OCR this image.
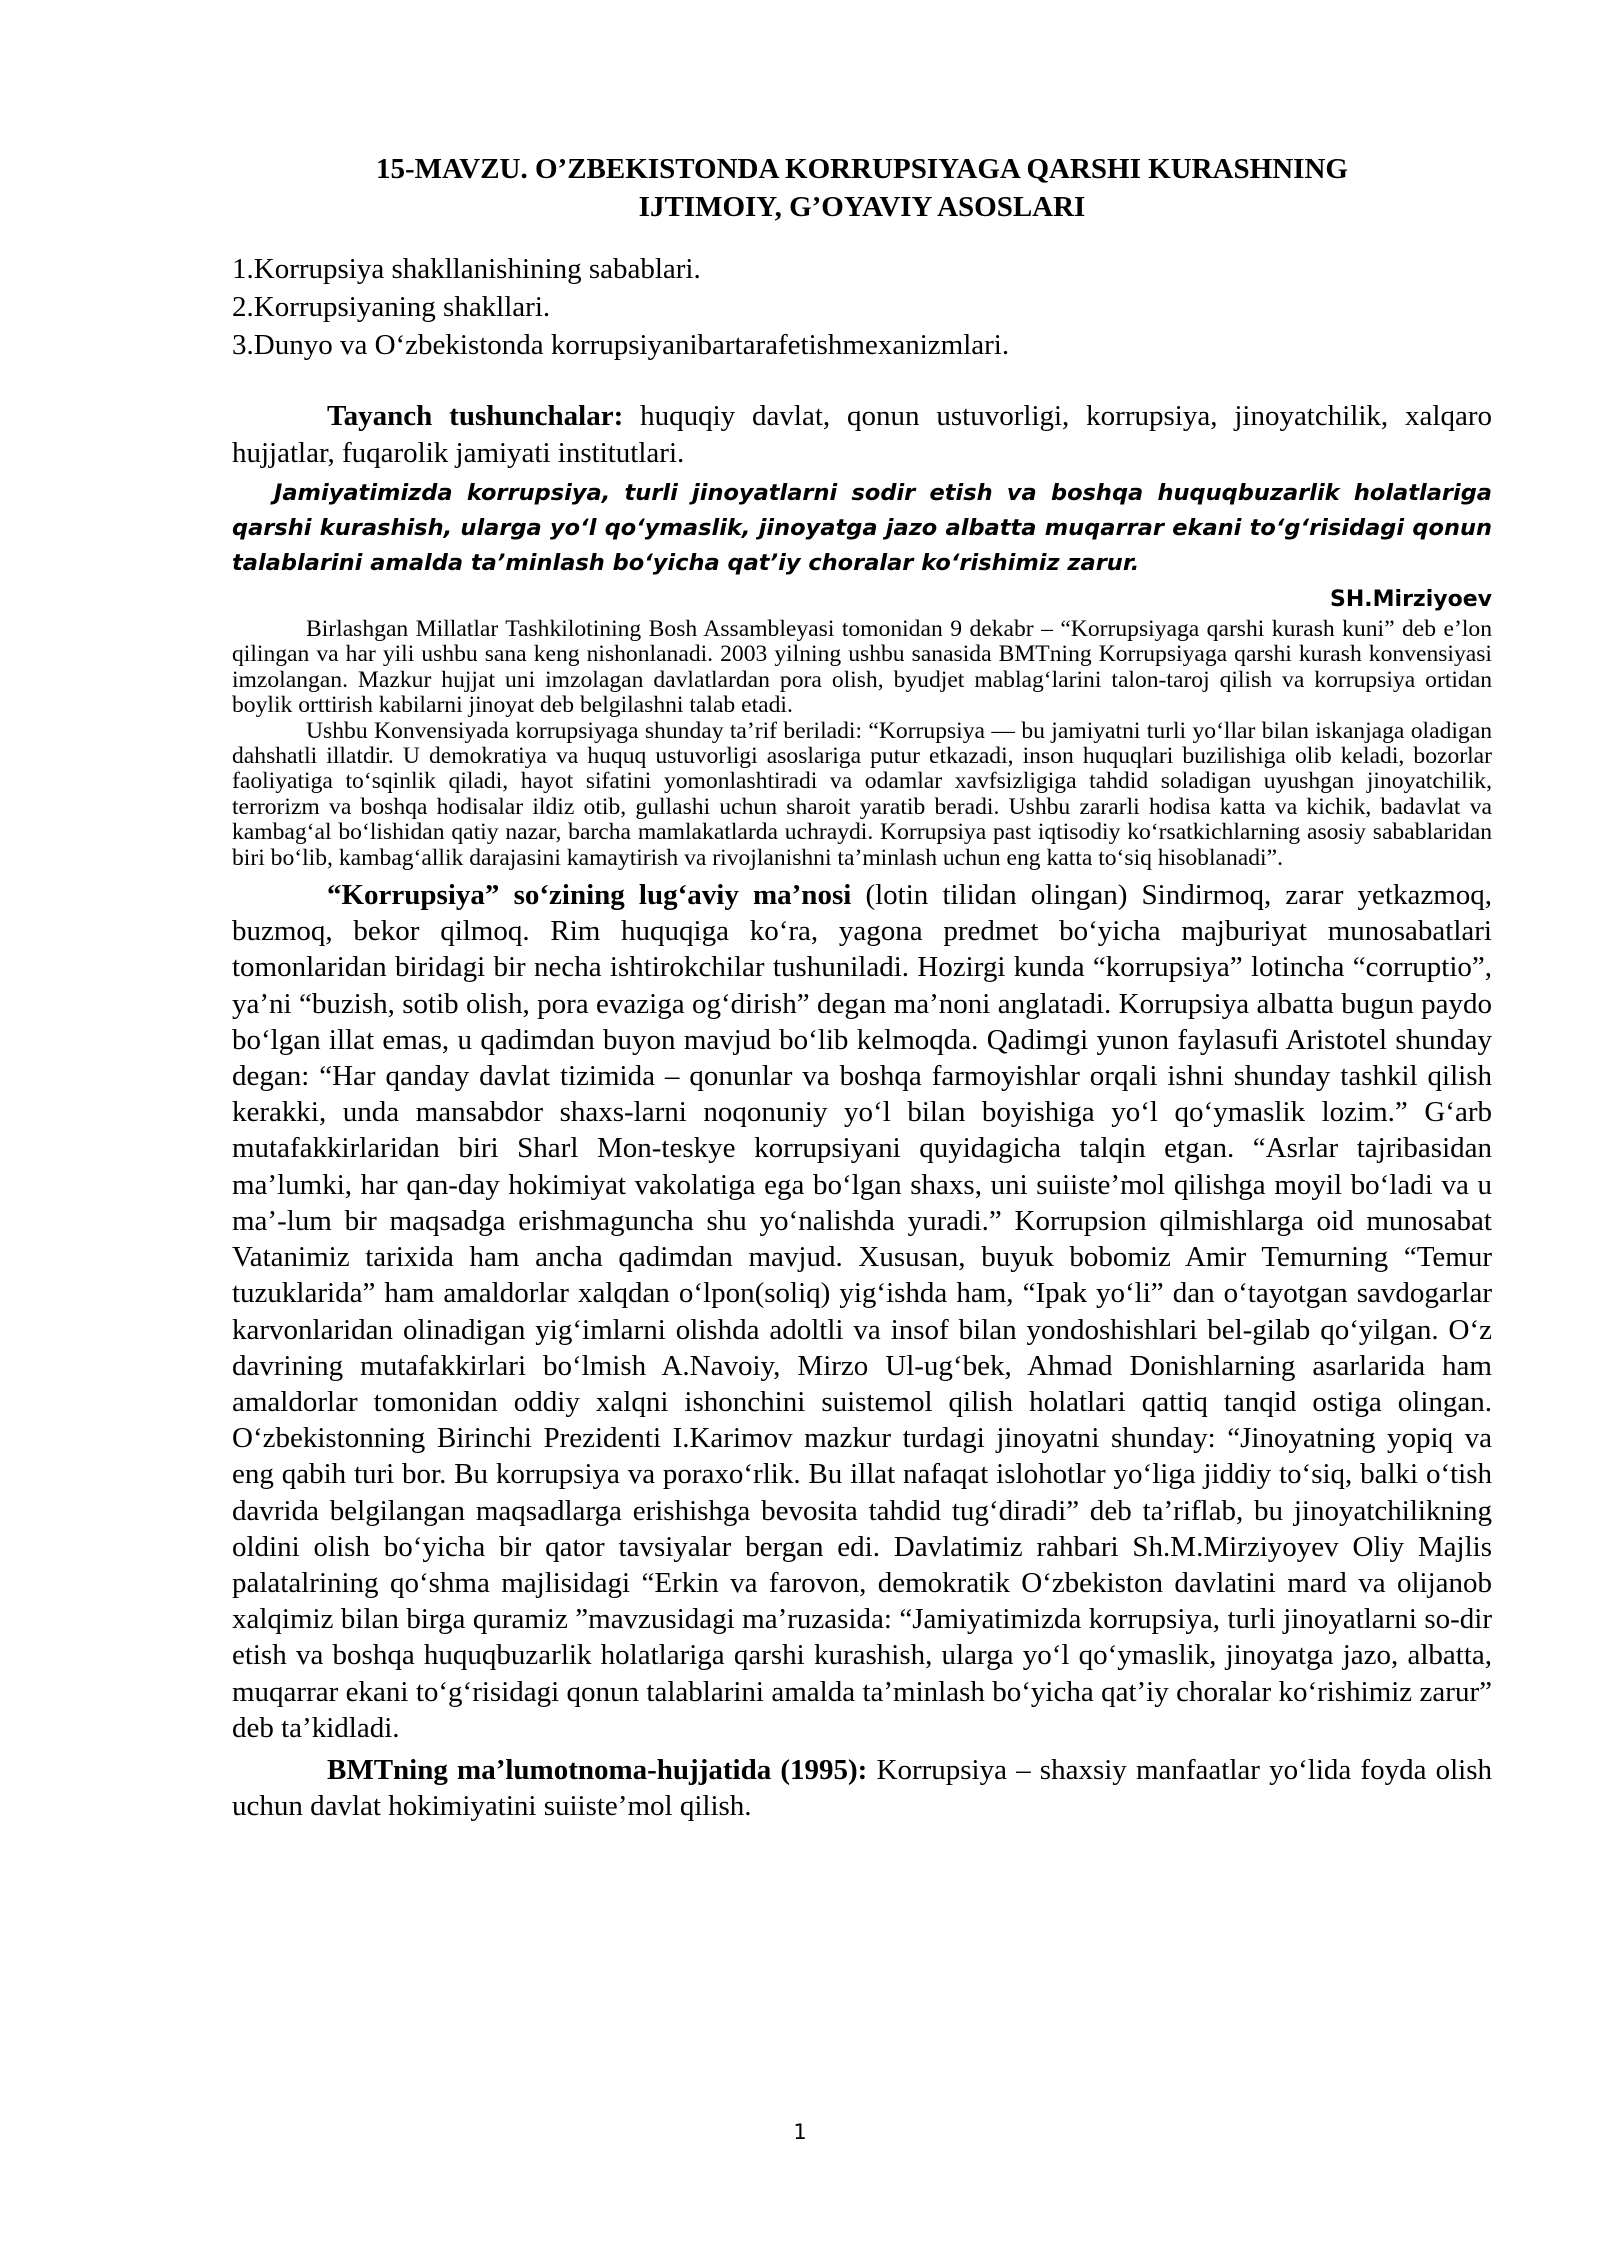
15-MAVZU. O’ZBEKISTONDA KORRUPSIYAGA QARSHI KURASHNING
IJTIMOIY, G’OYAVIY ASOSLARI
1.Korrupsiya shakllanishining sabablari.
2.Korrupsiyaning shakllari.
3.Dunyo va O‘zbekistonda korrupsiyanibartarafetishmexanizmlari.

Tayanch tushunchalar: huquqiy davlat, qonun ustuvorligi, korrupsiya, jinoyatchilik, xalqaro hujjatlar, fuqarolik jamiyati institutlari.

Jamiyatimizda korrupsiya, turli jinoyatlarni sodir etish va boshqa huquqbuzarlik holatlariga qarshi kurashish, ularga yo‘l qo‘ymaslik, jinoyatga jazo albatta muqarrar ekani to‘g‘risidagi qonun talablarini amalda ta’minlash bo‘yicha qat’iy choralar ko‘rishimiz zarur.

SH.Mirziyoev

Birlashgan Millatlar Tashkilotining Bosh Assambleyasi tomonidan 9 dekabr – “Korrupsiyaga qarshi kurash kuni” deb e’lon qilingan va har yili ushbu sana keng nishonlanadi. 2003 yilning ushbu sanasida BMTning Korrupsiyaga qarshi kurash konvensiyasi imzolangan. Mazkur hujjat uni imzolagan davlatlardan pora olish, byudjet mablag‘larini talon-taroj qilish va korrupsiya ortidan boylik orttirish kabilarni jinoyat deb belgilashni talab etadi.

Ushbu Konvensiyada korrupsiyaga shunday ta’rif beriladi: “Korrupsiya — bu jamiyatni turli yo‘llar bilan iskanjaga oladigan dahshatli illatdir. U demokratiya va huquq ustuvorligi asoslariga putur etkazadi, inson huquqlari buzilishiga olib keladi, bozorlar faoliyatiga to‘sqinlik qiladi, hayot sifatini yomonlashtiradi va odamlar xavfsizligiga tahdid soladigan uyushgan jinoyatchilik, terrorizm va boshqa hodisalar ildiz otib, gullashi uchun sharoit yaratib beradi. Ushbu zararli hodisa katta va kichik, badavlat va kambag‘al bo‘lishidan qatiy nazar, barcha mamlakatlarda uchraydi. Korrupsiya past iqtisodiy ko‘rsatkichlarning asosiy sabablaridan biri bo‘lib, kambag‘allik darajasini kamaytirish va rivojlanishni ta’minlash uchun eng katta to‘siq hisoblanadi”.

“Korrupsiya” so‘zining lug‘aviy ma’nosi (lotin tilidan olingan) Sindirmoq, zarar yetkazmoq, buzmoq, bekor qilmoq. Rim huquqiga ko‘ra, yagona predmet bo‘yicha majburiyat munosabatlari tomonlaridan biridagi bir necha ishtirokchilar tushuniladi. Hozirgi kunda “korrupsiya” lotincha “corruptio”, ya’ni “buzish, sotib olish, pora evaziga og‘dirish” degan ma’noni anglatadi. Korrupsiya albatta bugun paydo bo‘lgan illat emas, u qadimdan buyon mavjud bo‘lib kelmoqda. Qadimgi yunon faylasufi Aristotel shunday degan: “Har qanday davlat tizimida – qonunlar va boshqa farmoyishlar orqali ishni shunday tashkil qilish kerakki, unda mansabdor shaxs-larni noqonuniy yo‘l bilan boyishiga yo‘l qo‘ymaslik lozim.” G‘arb mutafakkirlaridan biri Sharl Mon-teskye korrupsiyani quyidagicha talqin etgan. “Asrlar tajribasidan ma’lumki, har qan-day hokimiyat vakolatiga ega bo‘lgan shaxs, uni suiiste’mol qilishga moyil bo‘ladi va u ma’-lum bir maqsadga erishmaguncha shu yo‘nalishda yuradi.” Korrupsion qilmishlarga oid munosabat Vatanimiz tarixida ham ancha qadimdan mavjud. Xususan, buyuk bobomiz Amir Temurning “Temur tuzuklarida” ham amaldorlar xalqdan o‘lpon(soliq) yig‘ishda ham, “Ipak yo‘li” dan o‘tayotgan savdogarlar karvonlaridan olinadigan yig‘imlarni olishda adoltli va insof bilan yondoshishlari bel-gilab qo‘yilgan. O‘z davrining mutafakkirlari bo‘lmish A.Navoiy, Mirzo Ul-ug‘bek, Ahmad Donishlarning asarlarida ham amaldorlar tomonidan oddiy xalqni ishonchini suistemol qilish holatlari qattiq tanqid ostiga olingan. O‘zbekistonning Birinchi Prezidenti I.Karimov mazkur turdagi jinoyatni shunday: “Jinoyatning yopiq va eng qabih turi bor. Bu korrupsiya va poraxo‘rlik. Bu illat nafaqat islohotlar yo‘liga jiddiy to‘siq, balki o‘tish davrida belgilangan maqsadlarga erishishga bevosita tahdid tug‘diradi” deb ta’riflab, bu jinoyatchilikning oldini olish bo‘yicha bir qator tavsiyalar bergan edi. Davlatimiz rahbari Sh.M.Mirziyoyev Oliy Majlis palatalrining qo‘shma majlisidagi “Erkin va farovon, demokratik O‘zbekiston davlatini mard va olijanob xalqimiz bilan birga quramiz ”mavzusidagi ma’ruzasida: “Jamiyatimizda korrupsiya, turli jinoyatlarni so-dir etish va boshqa huquqbuzarlik holatlariga qarshi kurashish, ularga yo‘l qo‘ymaslik, jinoyatga jazo, albatta, muqarrar ekani to‘g‘risidagi qonun talablarini amalda ta’minlash bo‘yicha qat’iy choralar ko‘rishimiz zarur” deb ta’kidladi.

BMTning ma’lumotnoma-hujjatida (1995): Korrupsiya – shaxsiy manfaatlar yo‘lida foyda olish uchun davlat hokimiyatini suiiste’mol qilish.

1
